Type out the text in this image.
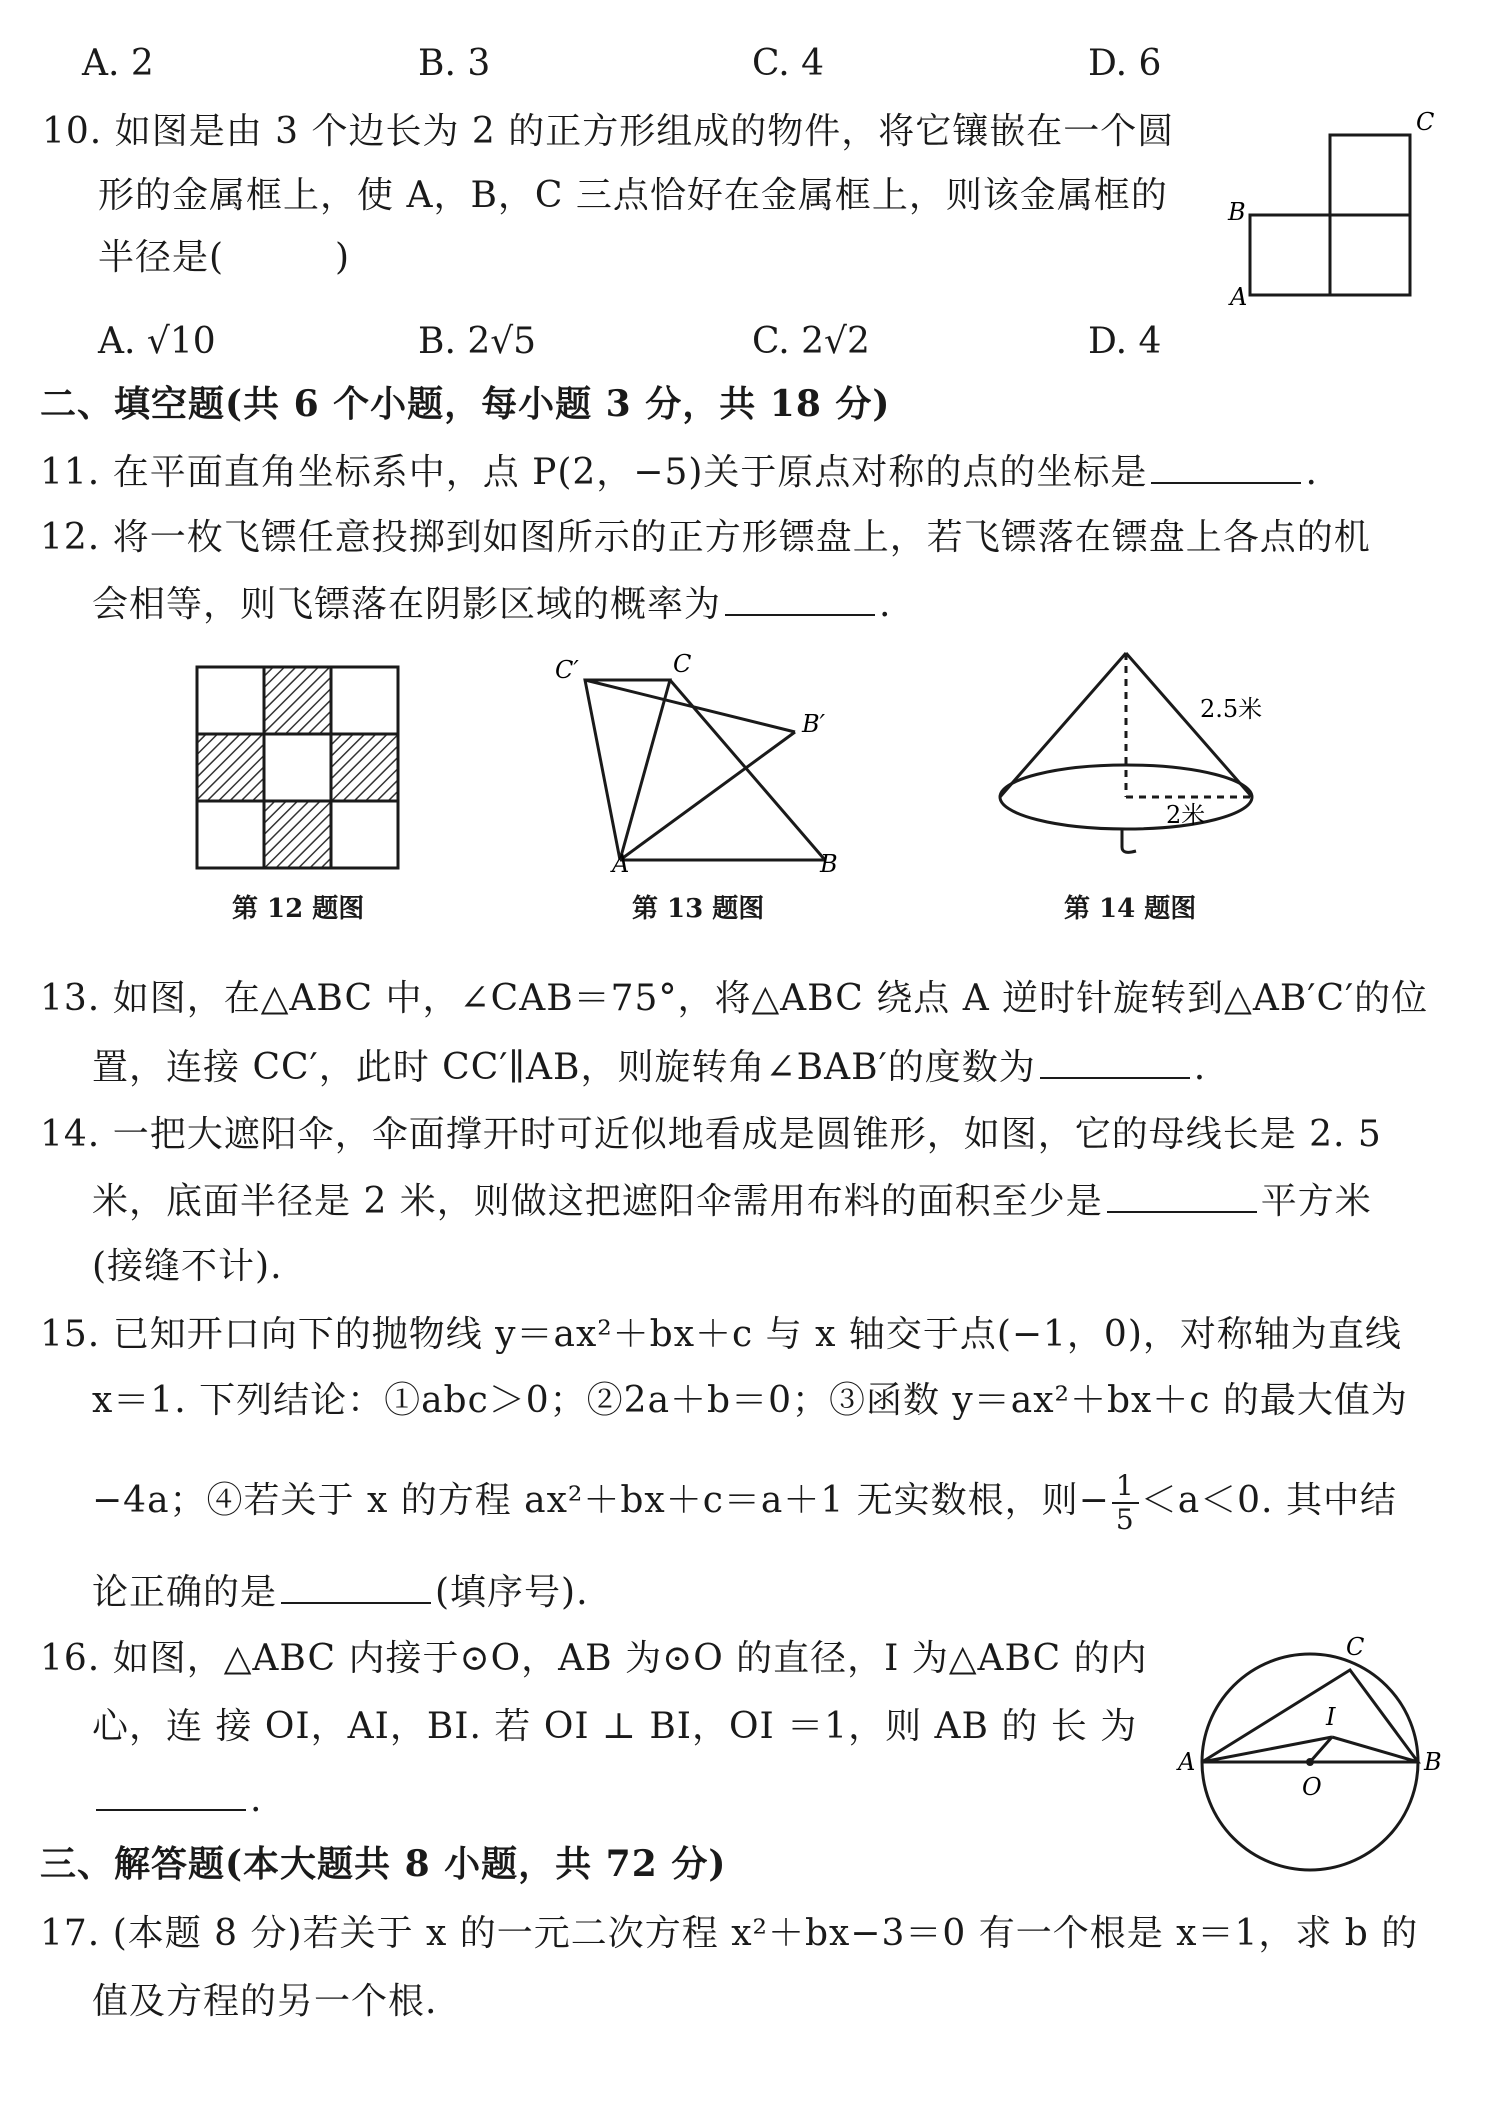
A. 2	B. 3	C. 4	D. 6
10. 如图是由 3 个边长为 2 的正方形组成的物件，将它镶嵌在一个圆
形的金属框上，使 A，B，C 三点恰好在金属框上，则该金属框的
半径是(　　　)
A. √10	B. 2√5	C. 2√2	D. 4
A
B
C
二、填空题(共 6 个小题，每小题 3 分，共 18 分)
11. 在平面直角坐标系中，点 P(2，−5)关于原点对称的点的坐标是	.
12. 将一枚飞镖任意投掷到如图所示的正方形镖盘上，若飞镖落在镖盘上各点的机
会相等，则飞镖落在阴影区域的概率为	.
第 12 题图
C′	C
B′
A	B
第 13 题图
2.5米
2米
第 14 题图
13. 如图，在△ABC 中，∠CAB＝75°，将△ABC 绕点 A 逆时针旋转到△AB′C′的位
置，连接 CC′，此时 CC′∥AB，则旋转角∠BAB′的度数为	.
14. 一把大遮阳伞，伞面撑开时可近似地看成是圆锥形，如图，它的母线长是 2. 5
米，底面半径是 2 米，则做这把遮阳伞需用布料的面积至少是	平方米
(接缝不计).
15. 已知开口向下的抛物线 y＝ax²＋bx＋c 与 x 轴交于点(−1，0)，对称轴为直线
x＝1. 下列结论：①abc＞0；②2a＋b＝0；③函数 y＝ax²＋bx＋c 的最大值为
−4a；④若关于 x 的方程 ax²＋bx＋c＝a＋1 无实数根，则− $\frac{1}{5} <a<0$. 其中结
论正确的是	(填序号).
16. 如图，△ABC 内接于⊙O，AB 为⊙O 的直径，I 为△ABC 的内
心，连 接 OI，AI，BI. 若 OI ⊥ BI，OI ＝1，则 AB 的 长 为
.
C
I
A
O
B
三、解答题(本大题共 8 小题，共 72 分)
17. (本题 8 分)若关于 x 的一元二次方程 x²＋bx−3＝0 有一个根是 x＝1，求 b 的
值及方程的另一个根.
